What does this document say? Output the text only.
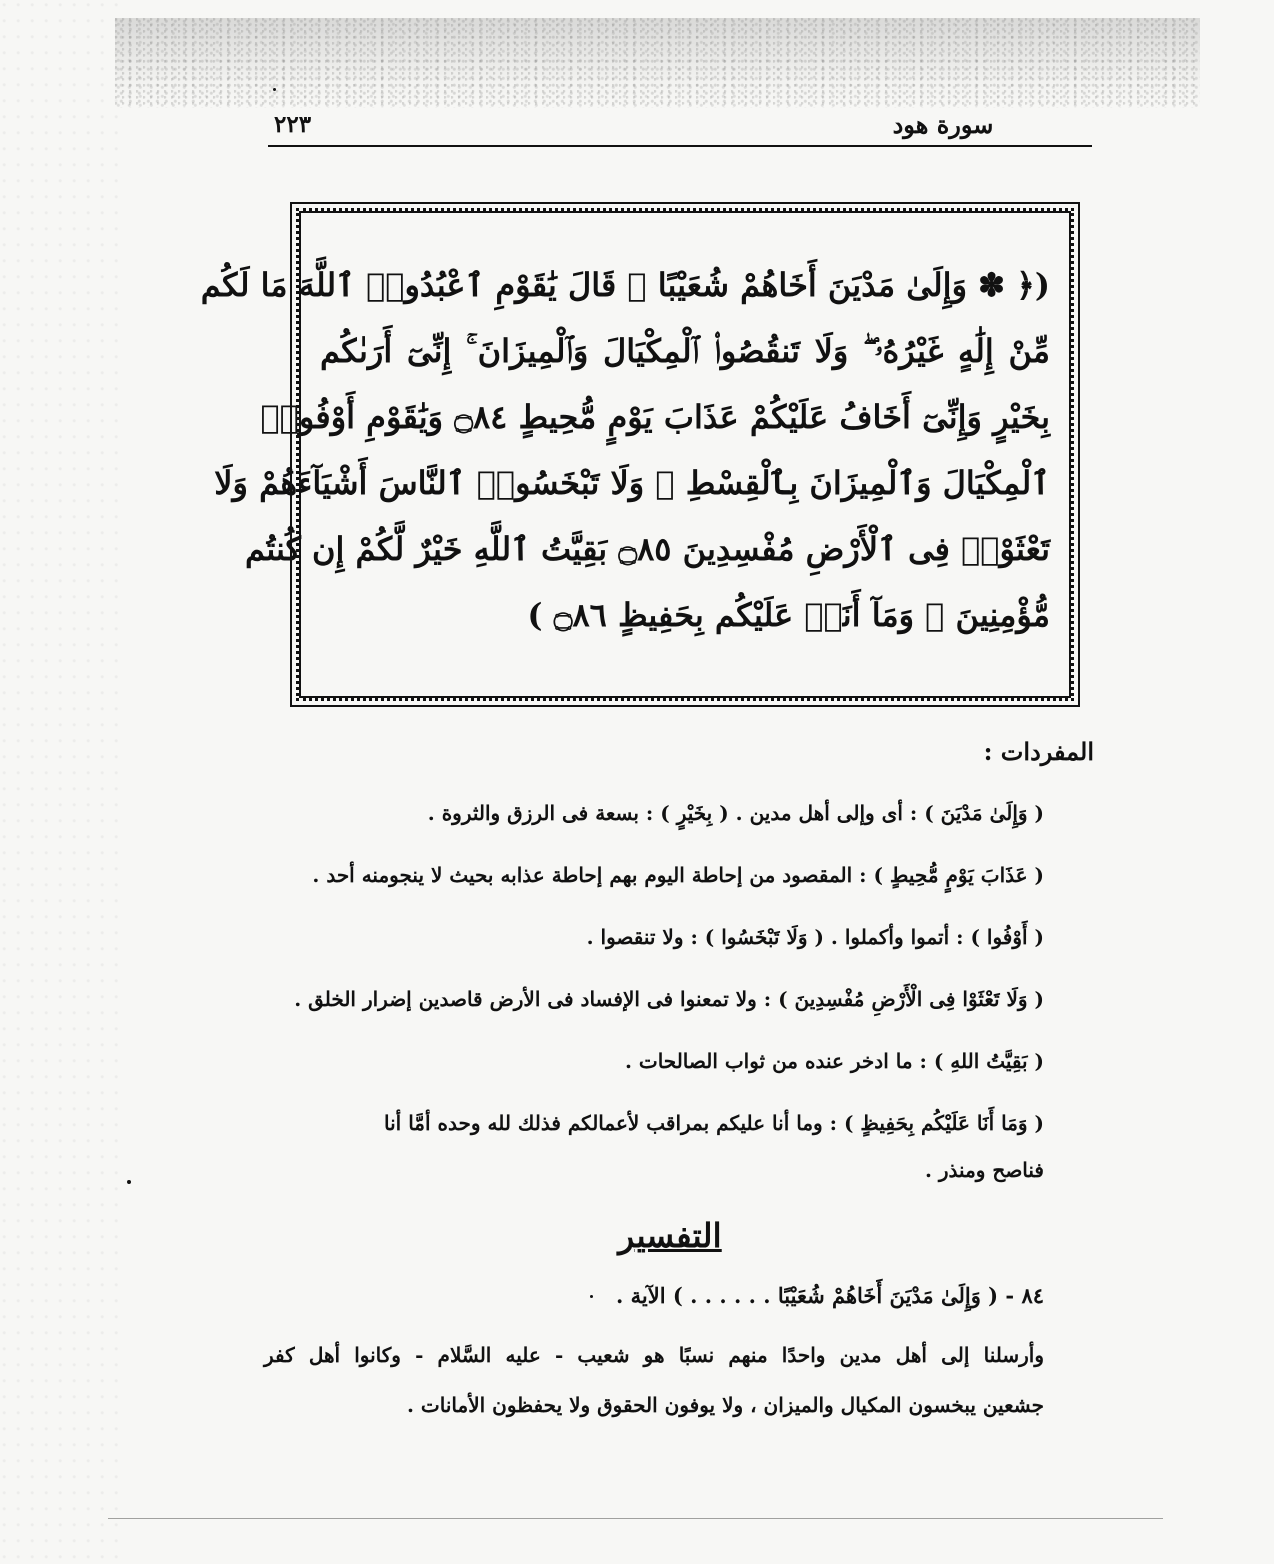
سورة هود
٢٢٣
(﴿ ✽ وَإِلَىٰ مَدْيَنَ أَخَاهُمْ شُعَيْبًا ۚ قَالَ يَٰقَوْمِ ٱعْبُدُوا۟ ٱللَّهَ مَا لَكُم
مِّنْ إِلَٰهٍ غَيْرُهُۥ ۖ وَلَا تَنقُصُوا۟ ٱلْمِكْيَالَ وَٱلْمِيزَانَ ۚ إِنِّىٓ أَرَىٰكُم
بِخَيْرٍ وَإِنِّىٓ أَخَافُ عَلَيْكُمْ عَذَابَ يَوْمٍ مُّحِيطٍ ۝٨٤ وَيَٰقَوْمِ أَوْفُوا۟
ٱلْمِكْيَالَ وَٱلْمِيزَانَ بِٱلْقِسْطِ ۖ وَلَا تَبْخَسُوا۟ ٱلنَّاسَ أَشْيَآءَهُمْ وَلَا
تَعْثَوْا۟ فِى ٱلْأَرْضِ مُفْسِدِينَ ۝٨٥ بَقِيَّتُ ٱللَّهِ خَيْرٌ لَّكُمْ إِن كُنتُم
مُّؤْمِنِينَ ۚ وَمَآ أَنَا۠ عَلَيْكُم بِحَفِيظٍ ۝٨٦ )
المفردات :
( وَإِلَىٰ مَدْيَنَ ) : أى وإلى أهل مدين . ( بِخَيْرٍ ) : بسعة فى الرزق والثروة .
( عَذَابَ يَوْمٍ مُّحِيطٍ ) : المقصود من إحاطة اليوم بهم إحاطة عذابه بحيث لا ينجومنه أحد .
( أَوْفُوا ) : أتموا وأكملوا . ( وَلَا تَبْخَسُوا ) : ولا تنقصوا .
( وَلَا تَعْثَوْا فِى الْأَرْضِ مُفْسِدِينَ ) : ولا تمعنوا فى الإفساد فى الأرض قاصدين إضرار الخلق .
( بَقِيَّتُ اللهِ ) : ما ادخر عنده من ثواب الصالحات .
( وَمَا أَنَا عَلَيْكُم بِحَفِيظٍ ) : وما أنا عليكم بمراقب لأعمالكم فذلك لله وحده أمَّا أنا
فناصح ومنذر .
التفسير
٨٤ - ( وَإِلَىٰ مَدْيَنَ أَخَاهُمْ شُعَيْبًا . . . . . . ) الآية .
وأرسلنا إلى أهل مدين واحدًا منهم نسبًا هو شعيب - عليه السَّلام - وكانوا أهل كفر
جشعين يبخسون المكيال والميزان ، ولا يوفون الحقوق ولا يحفظون الأمانات .
